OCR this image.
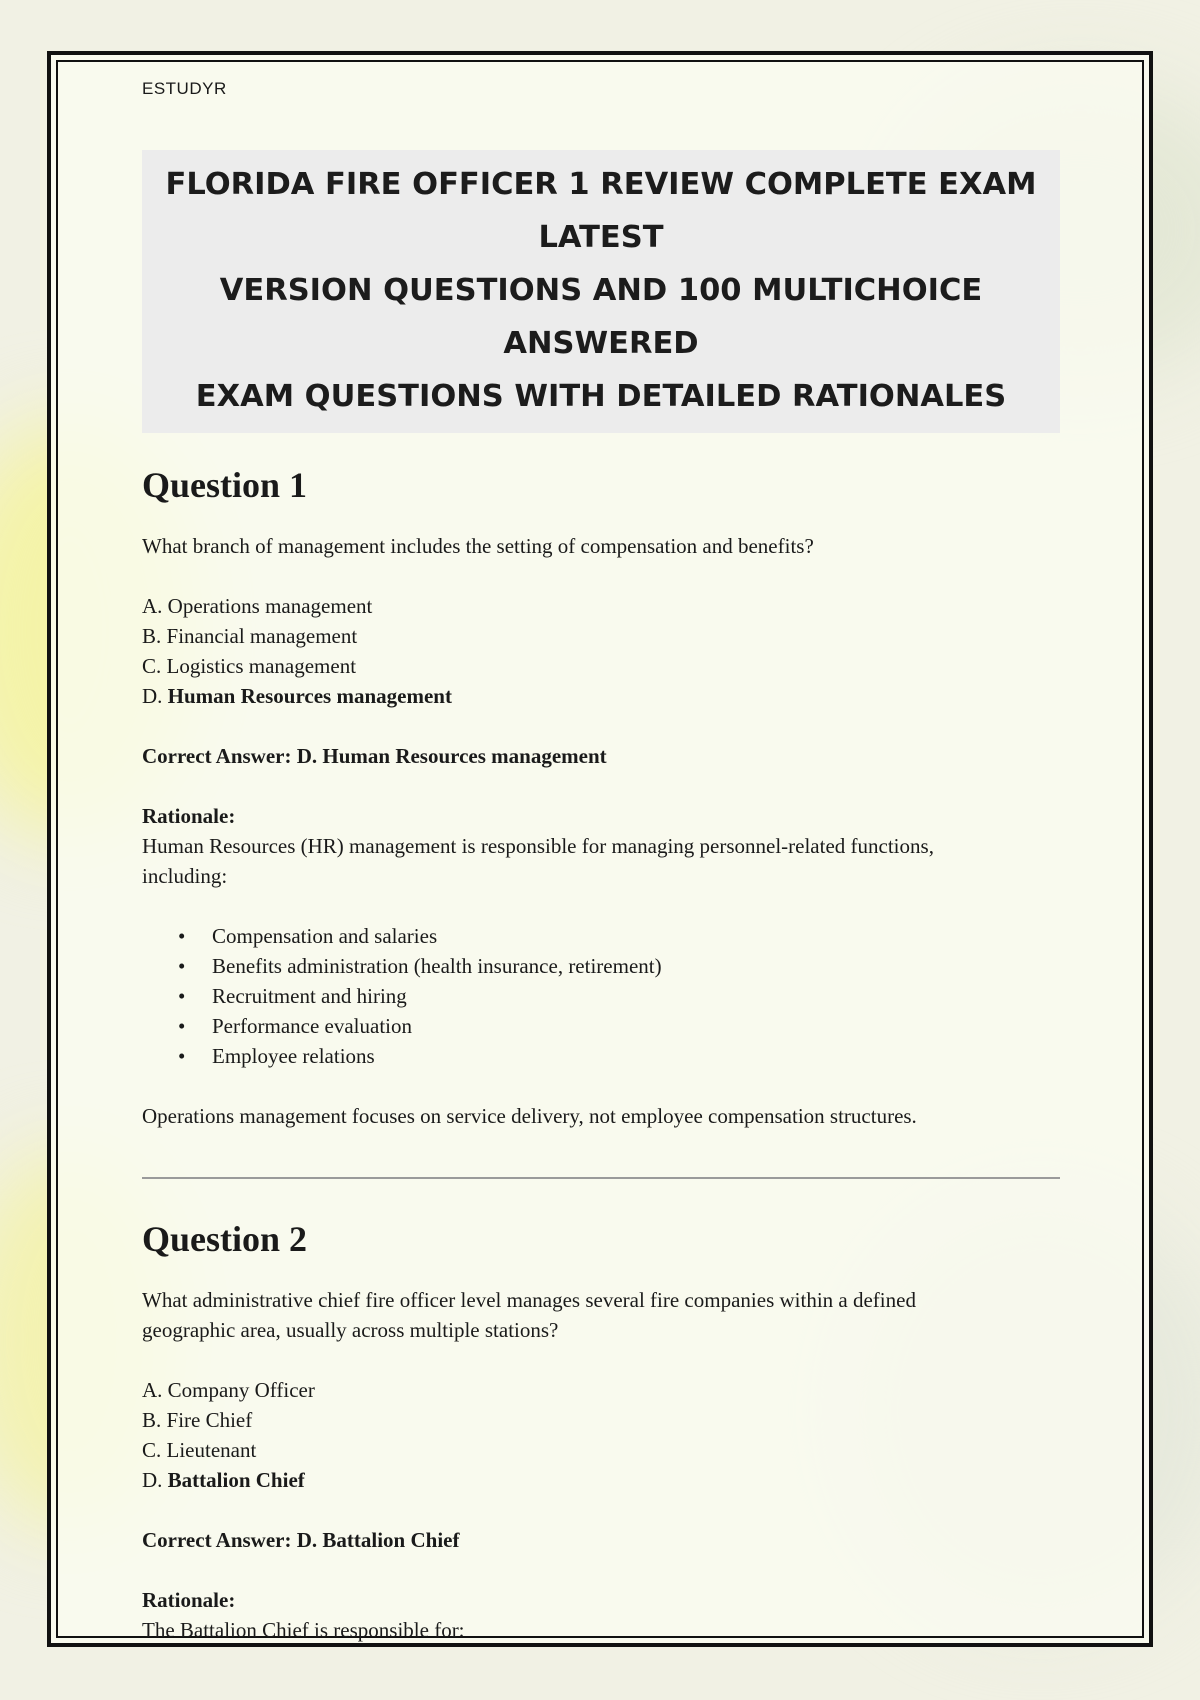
ESTUDYR
FLORIDA FIRE OFFICER 1 REVIEW COMPLETE EXAM LATEST
VERSION QUESTIONS AND 100 MULTICHOICE ANSWERED
EXAM QUESTIONS WITH DETAILED RATIONALES
Question 1

What branch of management includes the setting of compensation and benefits?

A. Operations management
B. Financial management
C. Logistics management
D. Human Resources management

Correct Answer: D. Human Resources management

Rationale:

Human Resources (HR) management is responsible for managing personnel-related functions,

including:

• Compensation and salaries
• Benefits administration (health insurance, retirement)
• Recruitment and hiring
• Performance evaluation
• Employee relations

Operations management focuses on service delivery, not employee compensation structures.

Question 2

What administrative chief fire officer level manages several fire companies within a defined

geographic area, usually across multiple stations?

A. Company Officer
B. Fire Chief
C. Lieutenant
D. Battalion Chief

Correct Answer: D. Battalion Chief

Rationale:

The Battalion Chief is responsible for:
